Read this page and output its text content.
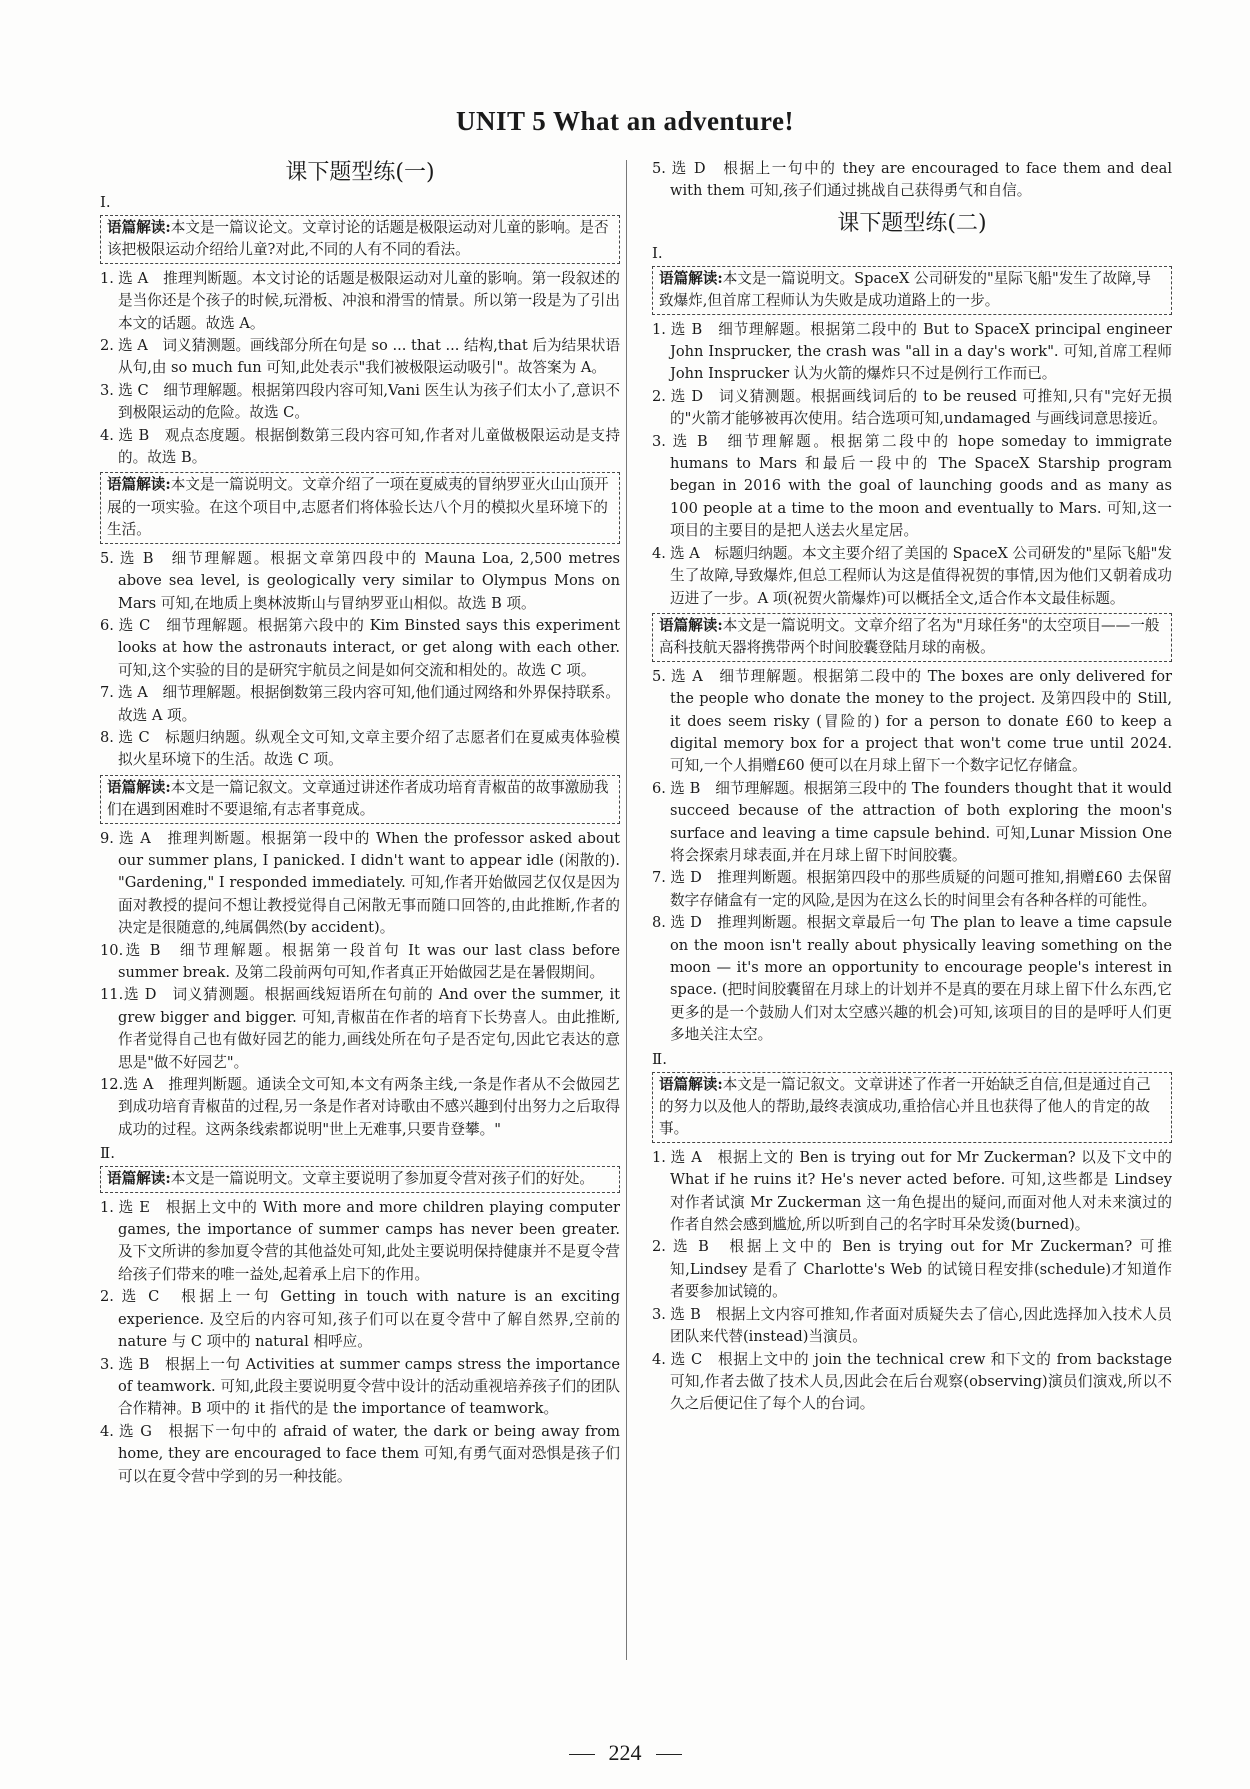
UNIT 5 What an adventure!
课下题型练(一)
Ⅰ.
语篇解读:本文是一篇议论文。文章讨论的话题是极限运动对儿童的影响。是否该把极限运动介绍给儿童?对此,不同的人有不同的看法。

1. 选 A　推理判断题。本文讨论的话题是极限运动对儿童的影响。第一段叙述的是当你还是个孩子的时候,玩滑板、冲浪和滑雪的情景。所以第一段是为了引出本文的话题。故选 A。

2. 选 A　词义猜测题。画线部分所在句是 so ... that ... 结构,that 后为结果状语从句,由 so much fun 可知,此处表示"我们被极限运动吸引"。故答案为 A。

3. 选 C　细节理解题。根据第四段内容可知,Vani 医生认为孩子们太小了,意识不到极限运动的危险。故选 C。

4. 选 B　观点态度题。根据倒数第三段内容可知,作者对儿童做极限运动是支持的。故选 B。

语篇解读:本文是一篇说明文。文章介绍了一项在夏威夷的冒纳罗亚火山山顶开展的一项实验。在这个项目中,志愿者们将体验长达八个月的模拟火星环境下的生活。

5. 选 B　细节理解题。根据文章第四段中的 Mauna Loa, 2,500 metres above sea level, is geologically very similar to Olympus Mons on Mars 可知,在地质上奥林波斯山与冒纳罗亚山相似。故选 B 项。

6. 选 C　细节理解题。根据第六段中的 Kim Binsted says this experiment looks at how the astronauts interact, or get along with each other. 可知,这个实验的目的是研究宇航员之间是如何交流和相处的。故选 C 项。

7. 选 A　细节理解题。根据倒数第三段内容可知,他们通过网络和外界保持联系。故选 A 项。

8. 选 C　标题归纳题。纵观全文可知,文章主要介绍了志愿者们在夏威夷体验模拟火星环境下的生活。故选 C 项。

语篇解读:本文是一篇记叙文。文章通过讲述作者成功培育青椒苗的故事激励我们在遇到困难时不要退缩,有志者事竟成。

9. 选 A　推理判断题。根据第一段中的 When the professor asked about our summer plans, I panicked. I didn't want to appear idle (闲散的). "Gardening," I responded immediately. 可知,作者开始做园艺仅仅是因为面对教授的提问不想让教授觉得自己闲散无事而随口回答的,由此推断,作者的决定是很随意的,纯属偶然(by accident)。

10.选 B　细节理解题。根据第一段首句 It was our last class before summer break. 及第二段前两句可知,作者真正开始做园艺是在暑假期间。

11.选 D　词义猜测题。根据画线短语所在句前的 And over the summer, it grew bigger and bigger. 可知,青椒苗在作者的培育下长势喜人。由此推断,作者觉得自己也有做好园艺的能力,画线处所在句子是否定句,因此它表达的意思是"做不好园艺"。

12.选 A　推理判断题。通读全文可知,本文有两条主线,一条是作者从不会做园艺到成功培育青椒苗的过程,另一条是作者对诗歌由不感兴趣到付出努力之后取得成功的过程。这两条线索都说明"世上无难事,只要肯登攀。"

Ⅱ.
语篇解读:本文是一篇说明文。文章主要说明了参加夏令营对孩子们的好处。

1. 选 E　根据上文中的 With more and more children playing computer games, the importance of summer camps has never been greater. 及下文所讲的参加夏令营的其他益处可知,此处主要说明保持健康并不是夏令营给孩子们带来的唯一益处,起着承上启下的作用。

2. 选 C　根据上一句 Getting in touch with nature is an exciting experience. 及空后的内容可知,孩子们可以在夏令营中了解自然界,空前的 nature 与 C 项中的 natural 相呼应。

3. 选 B　根据上一句 Activities at summer camps stress the importance of teamwork. 可知,此段主要说明夏令营中设计的活动重视培养孩子们的团队合作精神。B 项中的 it 指代的是 the importance of teamwork。

4. 选 G　根据下一句中的 afraid of water, the dark or being away from home, they are encouraged to face them 可知,有勇气面对恐惧是孩子们可以在夏令营中学到的另一种技能。

5. 选 D　根据上一句中的 they are encouraged to face them and deal with them 可知,孩子们通过挑战自己获得勇气和自信。

课下题型练(二)
Ⅰ.
语篇解读:本文是一篇说明文。SpaceX 公司研发的"星际飞船"发生了故障,导致爆炸,但首席工程师认为失败是成功道路上的一步。

1. 选 B　细节理解题。根据第二段中的 But to SpaceX principal engineer John Insprucker, the crash was "all in a day's work". 可知,首席工程师 John Insprucker 认为火箭的爆炸只不过是例行工作而已。

2. 选 D　词义猜测题。根据画线词后的 to be reused 可推知,只有"完好无损的"火箭才能够被再次使用。结合选项可知,undamaged 与画线词意思接近。

3. 选 B　细节理解题。根据第二段中的 hope someday to immigrate humans to Mars 和最后一段中的 The SpaceX Starship program began in 2016 with the goal of launching goods and as many as 100 people at a time to the moon and eventually to Mars. 可知,这一项目的主要目的是把人送去火星定居。

4. 选 A　标题归纳题。本文主要介绍了美国的 SpaceX 公司研发的"星际飞船"发生了故障,导致爆炸,但总工程师认为这是值得祝贺的事情,因为他们又朝着成功迈进了一步。A 项(祝贺火箭爆炸)可以概括全文,适合作本文最佳标题。

语篇解读:本文是一篇说明文。文章介绍了名为"月球任务"的太空项目——一般高科技航天器将携带两个时间胶囊登陆月球的南极。

5. 选 A　细节理解题。根据第二段中的 The boxes are only delivered for the people who donate the money to the project. 及第四段中的 Still, it does seem risky (冒险的) for a person to donate £60 to keep a digital memory box for a project that won't come true until 2024. 可知,一个人捐赠£60 便可以在月球上留下一个数字记忆存储盒。

6. 选 B　细节理解题。根据第三段中的 The founders thought that it would succeed because of the attraction of both exploring the moon's surface and leaving a time capsule behind. 可知,Lunar Mission One 将会探索月球表面,并在月球上留下时间胶囊。

7. 选 D　推理判断题。根据第四段中的那些质疑的问题可推知,捐赠£60 去保留数字存储盒有一定的风险,是因为在这么长的时间里会有各种各样的可能性。

8. 选 D　推理判断题。根据文章最后一句 The plan to leave a time capsule on the moon isn't really about physically leaving something on the moon — it's more an opportunity to encourage people's interest in space. (把时间胶囊留在月球上的计划并不是真的要在月球上留下什么东西,它更多的是一个鼓励人们对太空感兴趣的机会)可知,该项目的目的是呼吁人们更多地关注太空。

Ⅱ.
语篇解读:本文是一篇记叙文。文章讲述了作者一开始缺乏自信,但是通过自己的努力以及他人的帮助,最终表演成功,重拾信心并且也获得了他人的肯定的故事。

1. 选 A　根据上文的 Ben is trying out for Mr Zuckerman? 以及下文中的 What if he ruins it? He's never acted before. 可知,这些都是 Lindsey 对作者试演 Mr Zuckerman 这一角色提出的疑问,而面对他人对未来演过的作者自然会感到尴尬,所以听到自己的名字时耳朵发烫(burned)。

2. 选 B　根据上文中的 Ben is trying out for Mr Zuckerman? 可推知,Lindsey 是看了 Charlotte's Web 的试镜日程安排(schedule)才知道作者要参加试镜的。

3. 选 B　根据上文内容可推知,作者面对质疑失去了信心,因此选择加入技术人员团队来代替(instead)当演员。

4. 选 C　根据上文中的 join the technical crew 和下文的 from backstage 可知,作者去做了技术人员,因此会在后台观察(observing)演员们演戏,所以不久之后便记住了每个人的台词。

224
